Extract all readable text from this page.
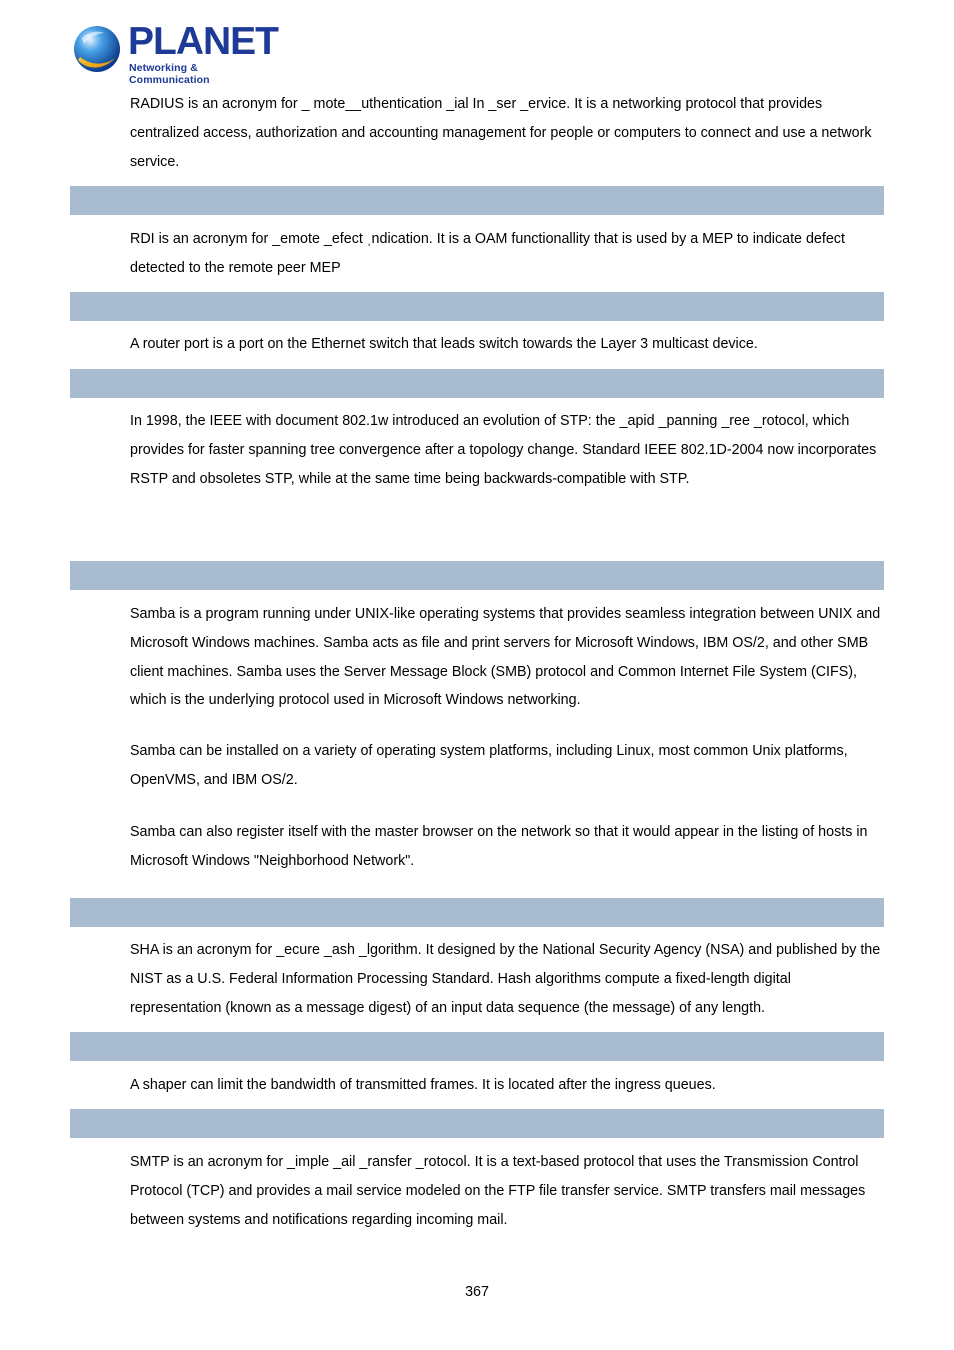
PLANET
Networking & Communication

RADIUS is an acronym for _ mote__uthentication _ial In _ser _ervice. It is a networking protocol that provides centralized access, authorization and accounting management for people or computers to connect and use a network service.

RDI is an acronym for _emote _efect ˌndication. It is a OAM functionallity that is used by a MEP to indicate defect detected to the remote peer MEP

A router port is a port on the Ethernet switch that leads switch towards the Layer 3 multicast device.

In 1998, the IEEE with document 802.1w introduced an evolution of STP: the _apid _panning _ree _rotocol, which provides for faster spanning tree convergence after a topology change. Standard IEEE 802.1D-2004 now incorporates RSTP and obsoletes STP, while at the same time being backwards-compatible with STP.

Samba is a program running under UNIX-like operating systems that provides seamless integration between UNIX and Microsoft Windows machines. Samba acts as file and print servers for Microsoft Windows, IBM OS/2, and other SMB client machines. Samba uses the Server Message Block (SMB) protocol and Common Internet File System (CIFS), which is the underlying protocol used in Microsoft Windows networking.

Samba can be installed on a variety of operating system platforms, including Linux, most common Unix platforms, OpenVMS, and IBM OS/2.

Samba can also register itself with the master browser on the network so that it would appear in the listing of hosts in Microsoft Windows "Neighborhood Network".

SHA is an acronym for _ecure _ash _lgorithm. It designed by the National Security Agency (NSA) and published by the NIST as a U.S. Federal Information Processing Standard. Hash algorithms compute a fixed-length digital representation (known as a message digest) of an input data sequence (the message) of any length.

A shaper can limit the bandwidth of transmitted frames. It is located after the ingress queues.

SMTP is an acronym for _imple _ail _ransfer _rotocol. It is a text-based protocol that uses the Transmission Control Protocol (TCP) and provides a mail service modeled on the FTP file transfer service. SMTP transfers mail messages between systems and notifications regarding incoming mail.

367
